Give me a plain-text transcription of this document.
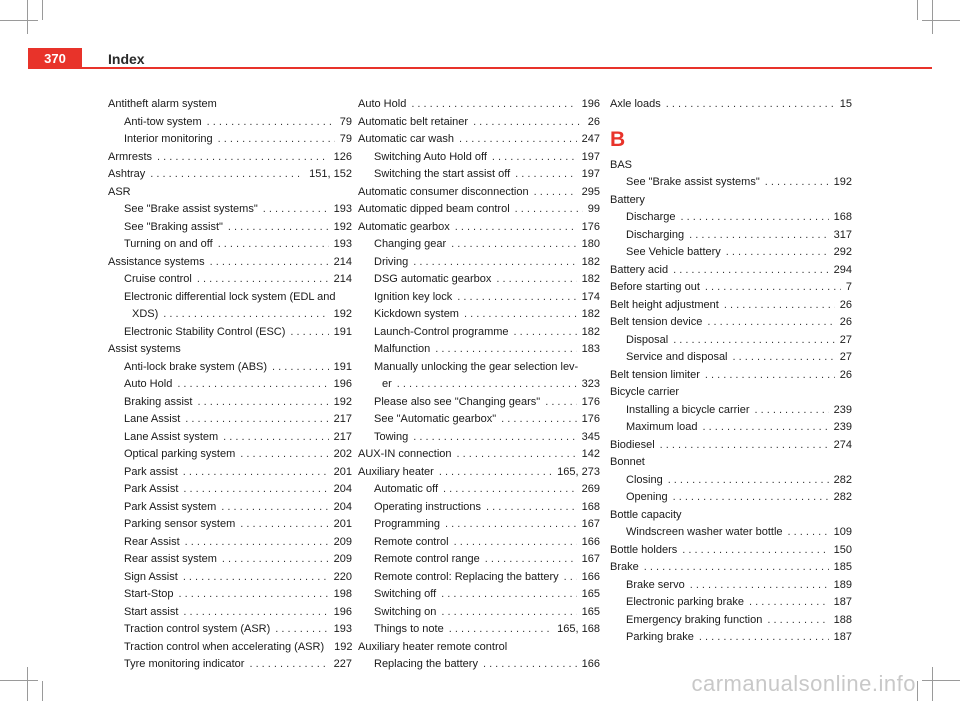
370	Index
Antitheft alarm system
Anti-tow system . . .	79
Interior monitoring . . .	79
Armrests . . .	126
Ashtray . . .	151, 152
ASR
See "Brake assist systems" . . .	193
See "Braking assist" . . .	192
Turning on and off . . .	193
Assistance systems . . .	214
Cruise control . . .	214
Electronic differential lock system (EDL and
XDS) . . .	192
Electronic Stability Control (ESC) . . .	191
Assist systems
Anti-lock brake system (ABS) . . .	191
Auto Hold . . .	196
Braking assist . . .	192
Lane Assist . . .	217
Lane Assist system . . .	217
Optical parking system . . .	202
Park assist . . .	201
Park Assist . . .	204
Park Assist system . . .	204
Parking sensor system . . .	201
Rear Assist . . .	209
Rear assist system . . .	209
Sign Assist . . .	220
Start-Stop . . .	198
Start assist . . .	196
Traction control system (ASR) . . .	193
Traction control when accelerating (ASR) 192
Tyre monitoring indicator . . .	227
Auto Hold . . .	196
Automatic belt retainer . . .	26
Automatic car wash . . .	247
Switching Auto Hold off . . .	197
Switching the start assist off . . .	197
Automatic consumer disconnection . . .	295
Automatic dipped beam control . . .	99
Automatic gearbox . . .	176
Changing gear . . .	180
Driving . . .	182
DSG automatic gearbox . . .	182
Ignition key lock . . .	174
Kickdown system . . .	182
Launch-Control programme . . .	182
Malfunction . . .	183
Manually unlocking the gear selection lev-
er . . .	323
Please also see "Changing gears" . . .	176
See "Automatic gearbox" . . .	176
Towing . . .	345
AUX-IN connection . . .	142
Auxiliary heater . . .	165, 273
Automatic off . . .	269
Operating instructions . . .	168
Programming . . .	167
Remote control . . .	166
Remote control range . . .	167
Remote control: Replacing the battery . . . 166
Switching off . . .	165
Switching on . . .	165
Things to note . . .	165, 168
Auxiliary heater remote control
Replacing the battery . . .	166
Axle loads . . .	15
B
BAS
See "Brake assist systems" . . .	192
Battery
Discharge . . .	168
Discharging . . .	317
See Vehicle battery . . .	292
Battery acid . . .	294
Before starting out . . .	7
Belt height adjustment . . .	26
Belt tension device . . .	26
Disposal . . .	27
Service and disposal . . .	27
Belt tension limiter . . .	26
Bicycle carrier
Installing a bicycle carrier . . .	239
Maximum load . . .	239
Biodiesel . . .	274
Bonnet
Closing . . .	282
Opening . . .	282
Bottle capacity
Windscreen washer water bottle . . .	109
Bottle holders . . .	150
Brake . . .	185
Brake servo . . .	189
Electronic parking brake . . .	187
Emergency braking function . . .	188
Parking brake . . .	187
carmanualsonline.info
